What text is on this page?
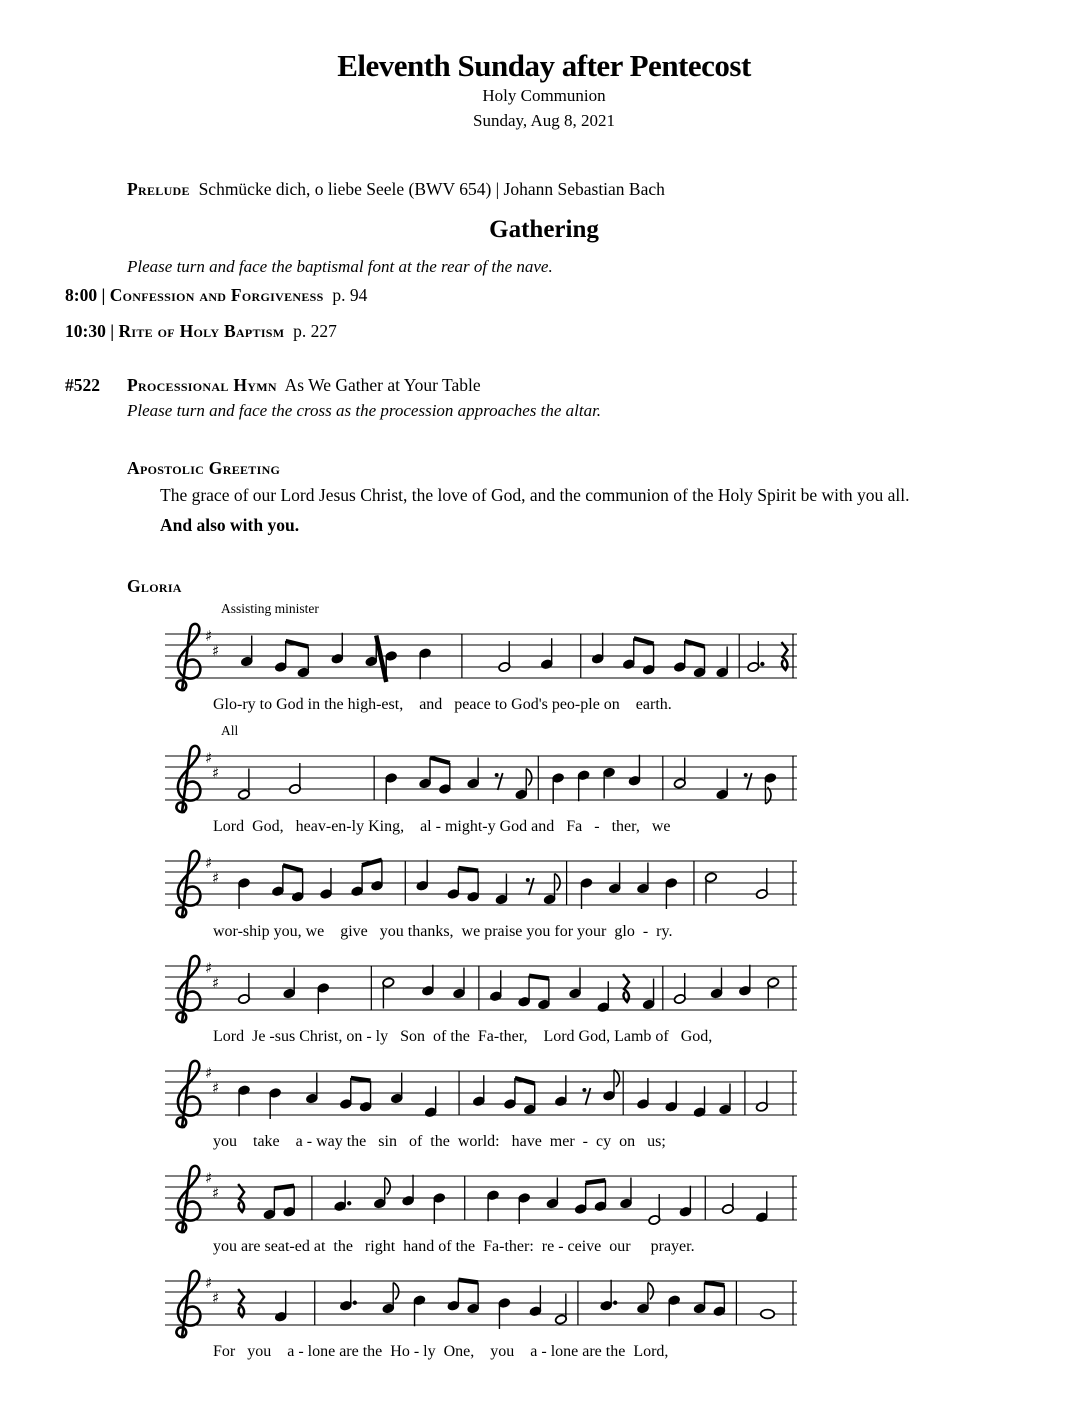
Eleventh Sunday after Pentecost
Holy Communion
Sunday, Aug 8, 2021
Prelude Schmücke dich, o liebe Seele (BWV 654) | Johann Sebastian Bach
Gathering
Please turn and face the baptismal font at the rear of the nave.
8:00 | Confession and Forgiveness p. 94
10:30 | Rite of Holy Baptism p. 227
#522	Processional Hymn As We Gather at Your Table
Please turn and face the cross as the procession approaches the altar.
Apostolic Greeting
The grace of our Lord Jesus Christ, the love of God, and the communion of the Holy Spirit be with you all.
And also with you.
Gloria
Assisting minister
♯
♯
Glo-ry to God in the high-est,    and   peace to God's peo-ple on    earth.
All
♯
♯
Lord  God,   heav-en-ly King,    al - might-y God and   Fa   -   ther,   we
♯
♯
wor-ship you, we    give   you thanks,  we praise you for your  glo  -  ry.
♯
♯
Lord  Je -sus Christ, on - ly   Son  of the  Fa-ther,    Lord God, Lamb of   God,
♯
♯
you    take    a - way the   sin   of  the  world:   have  mer  -  cy  on   us;
♯
♯
you are seat-ed at  the   right  hand of the  Fa-ther:  re - ceive  our     prayer.
♯
♯
For   you    a - lone are the  Ho - ly  One,    you    a - lone are the  Lord,
